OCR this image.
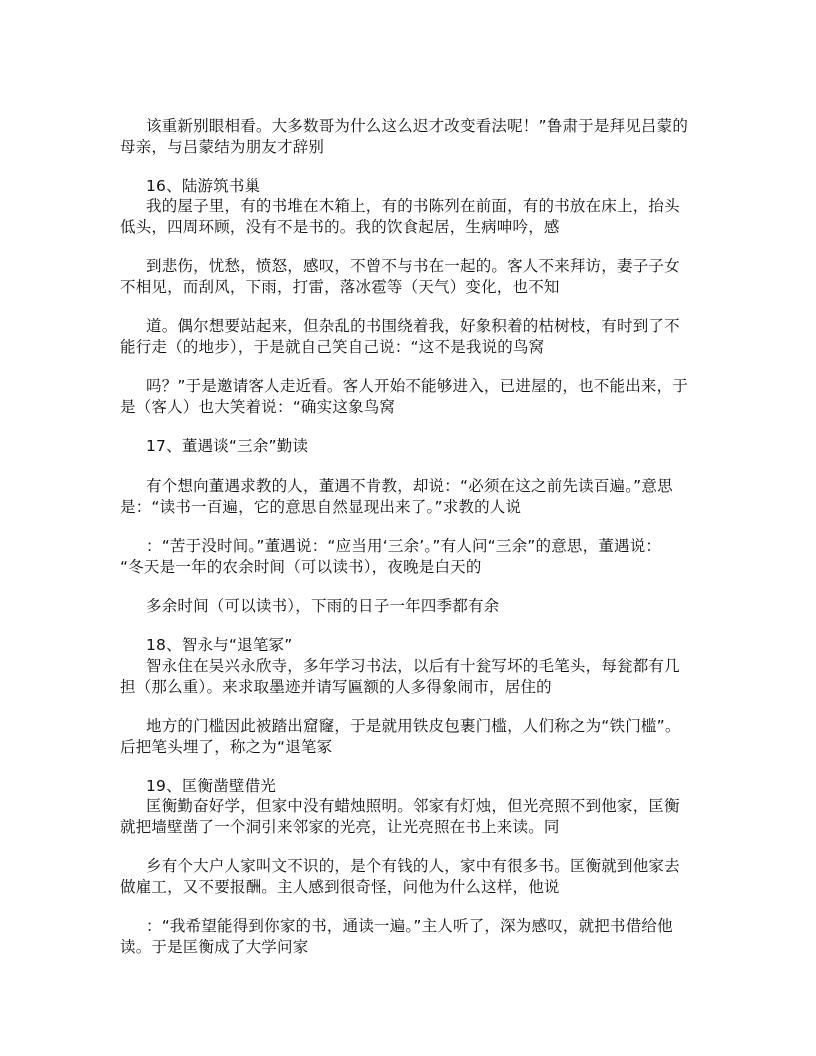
该重新别眼相看。大多数哥为什么这么迟才改变看法呢！”鲁肃于是拜见吕蒙的
母亲，与吕蒙结为朋友才辞别
16、陆游筑书巢
我的屋子里，有的书堆在木箱上，有的书陈列在前面，有的书放在床上，抬头
低头，四周环顾，没有不是书的。我的饮食起居，生病呻吟，感
到悲伤，忧愁，愤怒，感叹，不曾不与书在一起的。客人不来拜访，妻子子女
不相见，而刮风，下雨，打雷，落冰雹等（天气）变化，也不知
道。偶尔想要站起来，但杂乱的书围绕着我，好象积着的枯树枝，有时到了不
能行走（的地步），于是就自己笑自己说：“这不是我说的鸟窝
吗？”于是邀请客人走近看。客人开始不能够进入，已进屋的，也不能出来，于
是（客人）也大笑着说：“确实这象鸟窝
17、董遇谈“三余”勤读
有个想向董遇求教的人，董遇不肯教，却说：“必须在这之前先读百遍。”意思
是：“读书一百遍，它的意思自然显现出来了。”求教的人说
：“苦于没时间。”董遇说：“应当用‘三余’。”有人问“三余”的意思，董遇说：
“冬天是一年的农余时间（可以读书），夜晚是白天的
多余时间（可以读书），下雨的日子一年四季都有余
18、智永与“退笔冢”
智永住在吴兴永欣寺，多年学习书法，以后有十瓮写坏的毛笔头，每瓮都有几
担（那么重）。来求取墨迹并请写匾额的人多得象闹市，居住的
地方的门槛因此被踏出窟窿，于是就用铁皮包裹门槛，人们称之为“铁门槛”。
后把笔头埋了，称之为“退笔冢
19、匡衡凿壁借光
匡衡勤奋好学，但家中没有蜡烛照明。邻家有灯烛，但光亮照不到他家，匡衡
就把墙壁凿了一个洞引来邻家的光亮，让光亮照在书上来读。同
乡有个大户人家叫文不识的，是个有钱的人，家中有很多书。匡衡就到他家去
做雇工，又不要报酬。主人感到很奇怪，问他为什么这样，他说
：“我希望能得到你家的书，通读一遍。”主人听了，深为感叹，就把书借给他
读。于是匡衡成了大学问家
